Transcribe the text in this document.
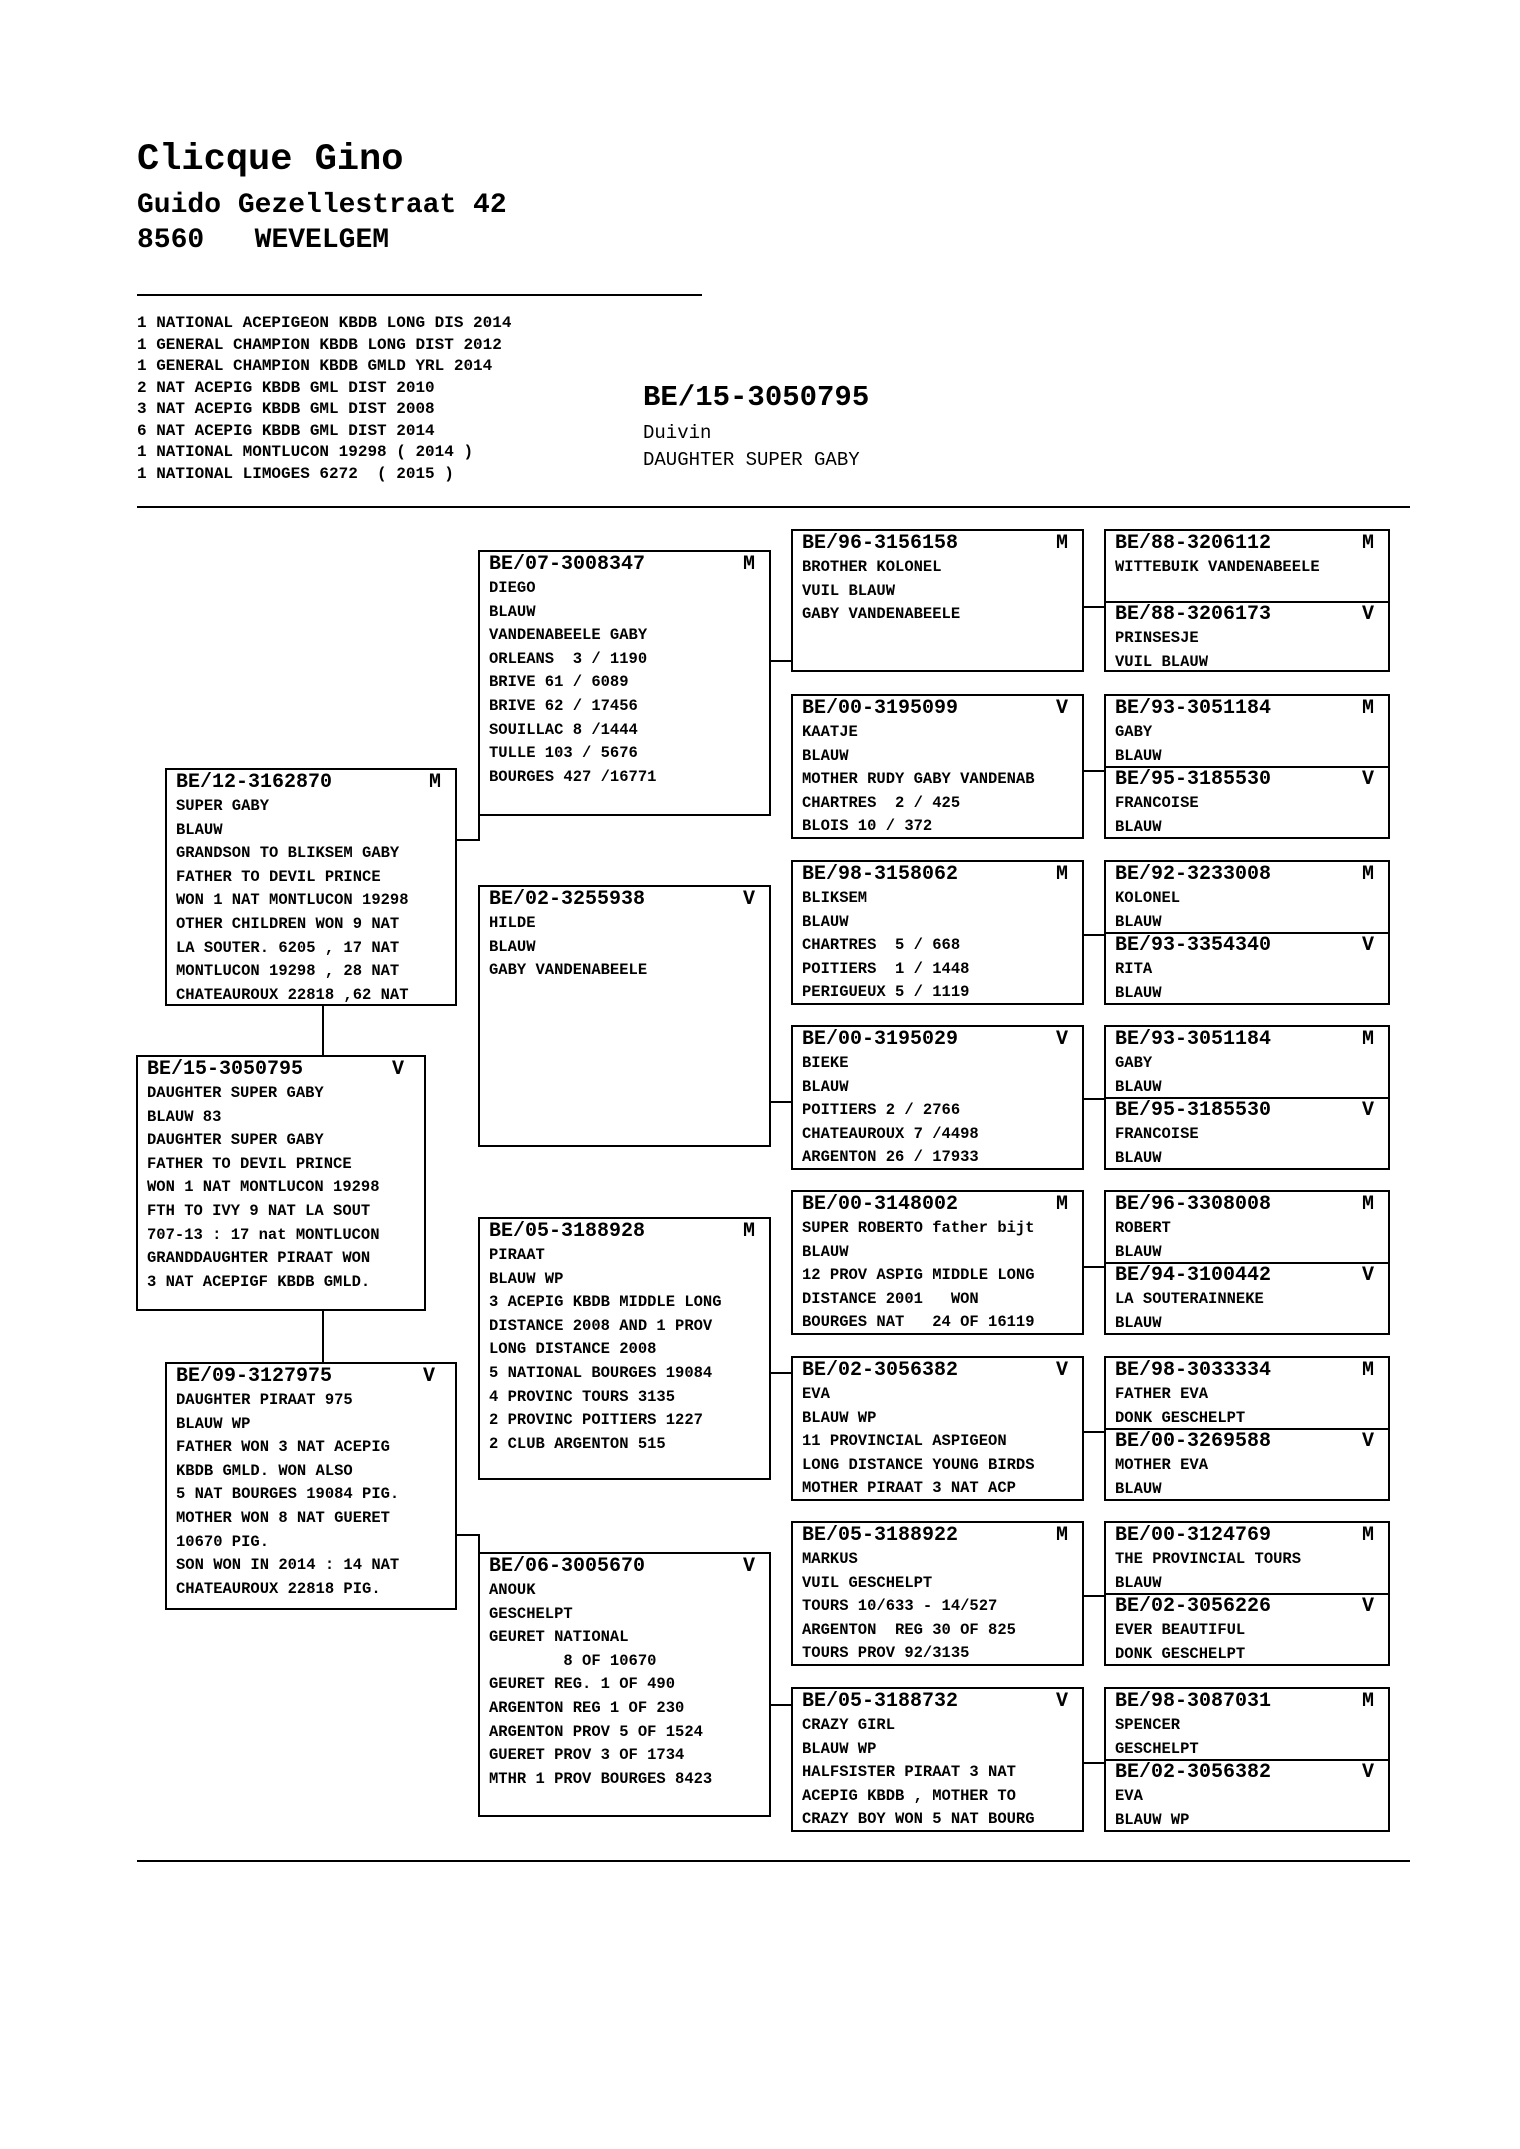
Clicque Gino
Guido Gezellestraat 42
8560 WEVELGEM
1 NATIONAL ACEPIGEON KBDB LONG DIS 2014
1 GENERAL CHAMPION KBDB LONG DIST 2012
1 GENERAL CHAMPION KBDB GMLD YRL 2014
2 NAT ACEPIG KBDB GML DIST 2010
3 NAT ACEPIG KBDB GML DIST 2008
6 NAT ACEPIG KBDB GML DIST 2014
1 NATIONAL MONTLUCON 19298 ( 2014 )
1 NATIONAL LIMOGES 6272  ( 2015 )
BE/15-3050795
Duivin
DAUGHTER SUPER GABY
BE/12-3162870	M
SUPER GABY
BLAUW
GRANDSON TO BLIKSEM GABY
FATHER TO DEVIL PRINCE
WON 1 NAT MONTLUCON 19298
OTHER CHILDREN WON 9 NAT
LA SOUTER. 6205 , 17 NAT
MONTLUCON 19298 , 28 NAT
CHATEAUROUX 22818 ,62 NAT
BE/15-3050795	V
DAUGHTER SUPER GABY
BLAUW 83
DAUGHTER SUPER GABY
FATHER TO DEVIL PRINCE
WON 1 NAT MONTLUCON 19298
FTH TO IVY 9 NAT LA SOUT
707-13 : 17 nat MONTLUCON
GRANDDAUGHTER PIRAAT WON
3 NAT ACEPIGF KBDB GMLD.
BE/09-3127975	V
DAUGHTER PIRAAT 975
BLAUW WP
FATHER WON 3 NAT ACEPIG
KBDB GMLD. WON ALSO
5 NAT BOURGES 19084 PIG.
MOTHER WON 8 NAT GUERET
10670 PIG.
SON WON IN 2014 : 14 NAT
CHATEAUROUX 22818 PIG.
BE/07-3008347	M
DIEGO
BLAUW
VANDENABEELE GABY
ORLEANS  3 / 1190
BRIVE 61 / 6089
BRIVE 62 / 17456
SOUILLAC 8 /1444
TULLE 103 / 5676
BOURGES 427 /16771
BE/02-3255938	V
HILDE
BLAUW
GABY VANDENABEELE
BE/05-3188928	M
PIRAAT
BLAUW WP
3 ACEPIG KBDB MIDDLE LONG
DISTANCE 2008 AND 1 PROV
LONG DISTANCE 2008
5 NATIONAL BOURGES 19084
4 PROVINC TOURS 3135
2 PROVINC POITIERS 1227
2 CLUB ARGENTON 515
BE/06-3005670	V
ANOUK
GESCHELPT
GEURET NATIONAL
8 OF 10670
GEURET REG. 1 OF 490
ARGENTON REG 1 OF 230
ARGENTON PROV 5 OF 1524
GUERET PROV 3 OF 1734
MTHR 1 PROV BOURGES 8423
BE/96-3156158	M
BROTHER KOLONEL
VUIL BLAUW
GABY VANDENABEELE
BE/00-3195099	V
KAATJE
BLAUW
MOTHER RUDY GABY VANDENAB
CHARTRES  2 / 425
BLOIS 10 / 372
BE/98-3158062	M
BLIKSEM
BLAUW
CHARTRES  5 / 668
POITIERS  1 / 1448
PERIGUEUX 5 / 1119
BE/00-3195029	V
BIEKE
BLAUW
POITIERS 2 / 2766
CHATEAUROUX 7 /4498
ARGENTON 26 / 17933
BE/00-3148002	M
SUPER ROBERTO father bijt
BLAUW
12 PROV ASPIG MIDDLE LONG
DISTANCE 2001   WON
BOURGES NAT   24 OF 16119
BE/02-3056382	V
EVA
BLAUW WP
11 PROVINCIAL ASPIGEON
LONG DISTANCE YOUNG BIRDS
MOTHER PIRAAT 3 NAT ACP
BE/05-3188922	M
MARKUS
VUIL GESCHELPT
TOURS 10/633 - 14/527
ARGENTON  REG 30 OF 825
TOURS PROV 92/3135
BE/05-3188732	V
CRAZY GIRL
BLAUW WP
HALFSISTER PIRAAT 3 NAT
ACEPIG KBDB , MOTHER TO
CRAZY BOY WON 5 NAT BOURG
BE/88-3206112	M
WITTEBUIK VANDENABEELE
BE/88-3206173	V
PRINSESJE
VUIL BLAUW
BE/93-3051184	M
GABY
BLAUW
BE/95-3185530	V
FRANCOISE
BLAUW
BE/92-3233008	M
KOLONEL
BLAUW
BE/93-3354340	V
RITA
BLAUW
BE/93-3051184	M
GABY
BLAUW
BE/95-3185530	V
FRANCOISE
BLAUW
BE/96-3308008	M
ROBERT
BLAUW
BE/94-3100442	V
LA SOUTERAINNEKE
BLAUW
BE/98-3033334	M
FATHER EVA
DONK GESCHELPT
BE/00-3269588	V
MOTHER EVA
BLAUW
BE/00-3124769	M
THE PROVINCIAL TOURS
BLAUW
BE/02-3056226	V
EVER BEAUTIFUL
DONK GESCHELPT
BE/98-3087031	M
SPENCER
GESCHELPT
BE/02-3056382	V
EVA
BLAUW WP
